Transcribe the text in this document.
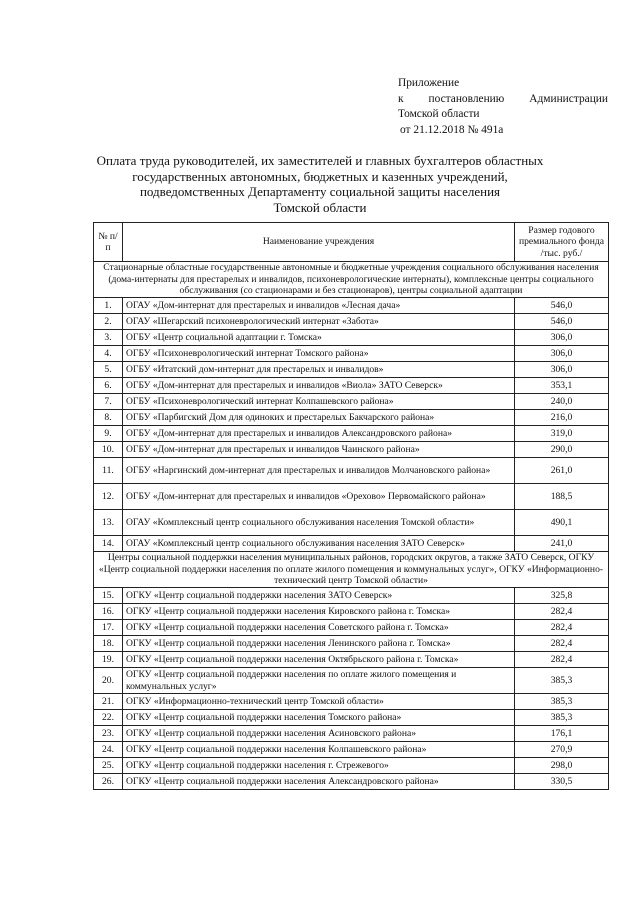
Приложение
к постановлению Администрации
Томской области
от 21.12.2018 № 491а
Оплата труда руководителей, их заместителей и главных бухгалтеров областных
государственных автономных, бюджетных и казенных учреждений,
подведомственных Департаменту социальной защиты населения
Томской области
№ п/п	Наименование учреждения	Размер годового премиального фонда /тыс. руб./
Стационарные областные государственные автономные и бюджетные учреждения социального обслуживания населения (дома-интернаты для престарелых и инвалидов, психоневрологические интернаты), комплексные центры социального обслуживания (со стационарами и без стационаров), центры социальной адаптации		
1.	ОГАУ «Дом-интернат для престарелых и инвалидов «Лесная дача»	546,0
2.	ОГАУ «Шегарский психоневрологический интернат «Забота»	546,0
3.	ОГБУ «Центр социальной адаптации г. Томска»	306,0
4.	ОГБУ «Психоневрологический интернат Томского района»	306,0
5.	ОГБУ «Итатский дом-интернат для престарелых и инвалидов»	306,0
6.	ОГБУ «Дом-интернат для престарелых и инвалидов «Виола» ЗАТО Северск»	353,1
7.	ОГБУ «Психоневрологический интернат Колпашевского района»	240,0
8.	ОГБУ «Парбигский Дом для одиноких и престарелых Бакчарского района»	216,0
9.	ОГБУ «Дом-интернат для престарелых и инвалидов Александровского района»	319,0
10.	ОГБУ «Дом-интернат для престарелых и инвалидов Чаинского района»	290,0
11.	ОГБУ «Наргинский дом-интернат для престарелых и инвалидов Молчановского района»	261,0
12.	ОГБУ «Дом-интернат для престарелых и инвалидов «Орехово» Первомайского района»	188,5
13.	ОГАУ «Комплексный центр социального обслуживания населения Томской области»	490,1
14.	ОГАУ «Комплексный центр социального обслуживания населения ЗАТО Северск»	241,0
Центры социальной поддержки населения муниципальных районов, городских округов, а также ЗАТО Северск, ОГКУ «Центр социальной поддержки населения по оплате жилого помещения и коммунальных услуг», ОГКУ «Информационно-технический центр Томской области»		
15.	ОГКУ «Центр социальной поддержки населения ЗАТО Северск»	325,8
16.	ОГКУ «Центр социальной поддержки населения Кировского района г. Томска»	282,4
17.	ОГКУ «Центр социальной поддержки населения Советского района г. Томска»	282,4
18.	ОГКУ «Центр социальной поддержки населения Ленинского района г. Томска»	282,4
19.	ОГКУ «Центр социальной поддержки населения Октябрьского района г. Томска»	282,4
20.	ОГКУ «Центр социальной поддержки населения по оплате жилого помещения и коммунальных услуг»	385,3
21.	ОГКУ «Информационно-технический центр Томской области»	385,3
22.	ОГКУ «Центр социальной поддержки населения Томского района»	385,3
23.	ОГКУ «Центр социальной поддержки населения Асиновского района»	176,1
24.	ОГКУ «Центр социальной поддержки населения Колпашевского района»	270,9
25.	ОГКУ «Центр социальной поддержки населения г. Стрежевого»	298,0
26.	ОГКУ «Центр социальной поддержки населения Александровского района»	330,5
